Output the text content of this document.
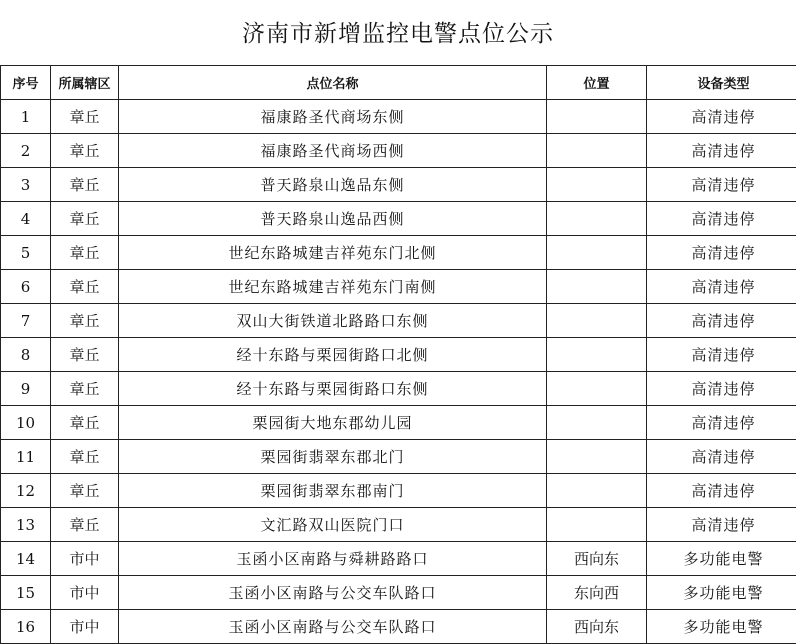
济南市新增监控电警点位公示
序号	所属辖区	点位名称	位置	设备类型
1	章丘	福康路圣代商场东侧		高清违停
2	章丘	福康路圣代商场西侧		高清违停
3	章丘	普天路泉山逸品东侧		高清违停
4	章丘	普天路泉山逸品西侧		高清违停
5	章丘	世纪东路城建吉祥苑东门北侧		高清违停
6	章丘	世纪东路城建吉祥苑东门南侧		高清违停
7	章丘	双山大街铁道北路路口东侧		高清违停
8	章丘	经十东路与栗园街路口北侧		高清违停
9	章丘	经十东路与栗园街路口东侧		高清违停
10	章丘	栗园街大地东郡幼儿园		高清违停
11	章丘	栗园街翡翠东郡北门		高清违停
12	章丘	栗园街翡翠东郡南门		高清违停
13	章丘	文汇路双山医院门口		高清违停
14	市中	玉函小区南路与舜耕路路口	西向东	多功能电警
15	市中	玉函小区南路与公交车队路口	东向西	多功能电警
16	市中	玉函小区南路与公交车队路口	西向东	多功能电警
